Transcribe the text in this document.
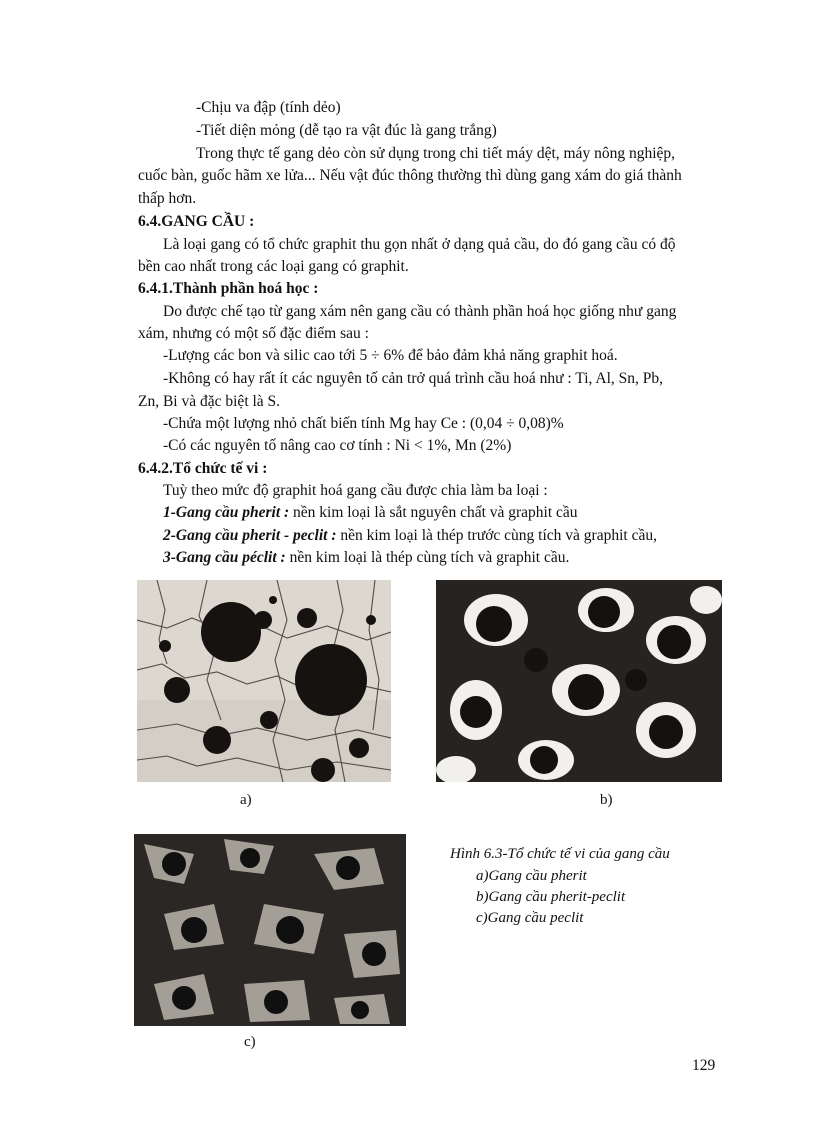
-Chịu va đập (tính dẻo)
-Tiết diện mỏng (dễ tạo ra vật đúc là gang trắng)
Trong thực tế gang dẻo còn sử dụng trong chi tiết máy dệt, máy nông nghiệp,
cuốc bàn, guốc hãm xe lửa... Nếu vật đúc thông thường thì dùng gang xám do giá thành
thấp hơn.
6.4.GANG CẦU :
Là loại gang có tổ chức graphit thu gọn nhất ở dạng quả cầu, do đó gang cầu có độ
bền cao nhất trong các loại gang có graphit.
6.4.1.Thành phần hoá học :
Do được chế tạo từ gang xám nên gang cầu có thành phần hoá học giống như gang
xám, nhưng có một số đặc điểm sau :
-Lượng các bon và silic cao tới 5 ÷ 6% để bảo đảm khả năng graphit hoá.
-Không có hay rất ít các nguyên tố cản trở quá trình cầu hoá như : Ti, Al, Sn, Pb,
Zn, Bi và đặc biệt là S.
-Chứa một lượng nhỏ chất biến tính Mg hay Ce : (0,04 ÷ 0,08)%
-Có các nguyên tố nâng cao cơ tính : Ni < 1%, Mn (2%)
6.4.2.Tổ chức tế vi :
Tuỳ theo mức độ graphit hoá gang cầu được chia làm ba loại :
1-Gang cầu pherit : nền kim loại là sắt nguyên chất và graphit cầu
2-Gang cầu pherit - peclit : nền kim loại là thép trước cùng tích và graphit cầu,
3-Gang cầu péclit : nền kim loại là thép cùng tích và graphit cầu.
a)	b)
c)
Hình 6.3-Tổ chức tế vi của gang cầu
a)Gang cầu pherit
b)Gang cầu pherit-peclit
c)Gang cầu peclit
129
